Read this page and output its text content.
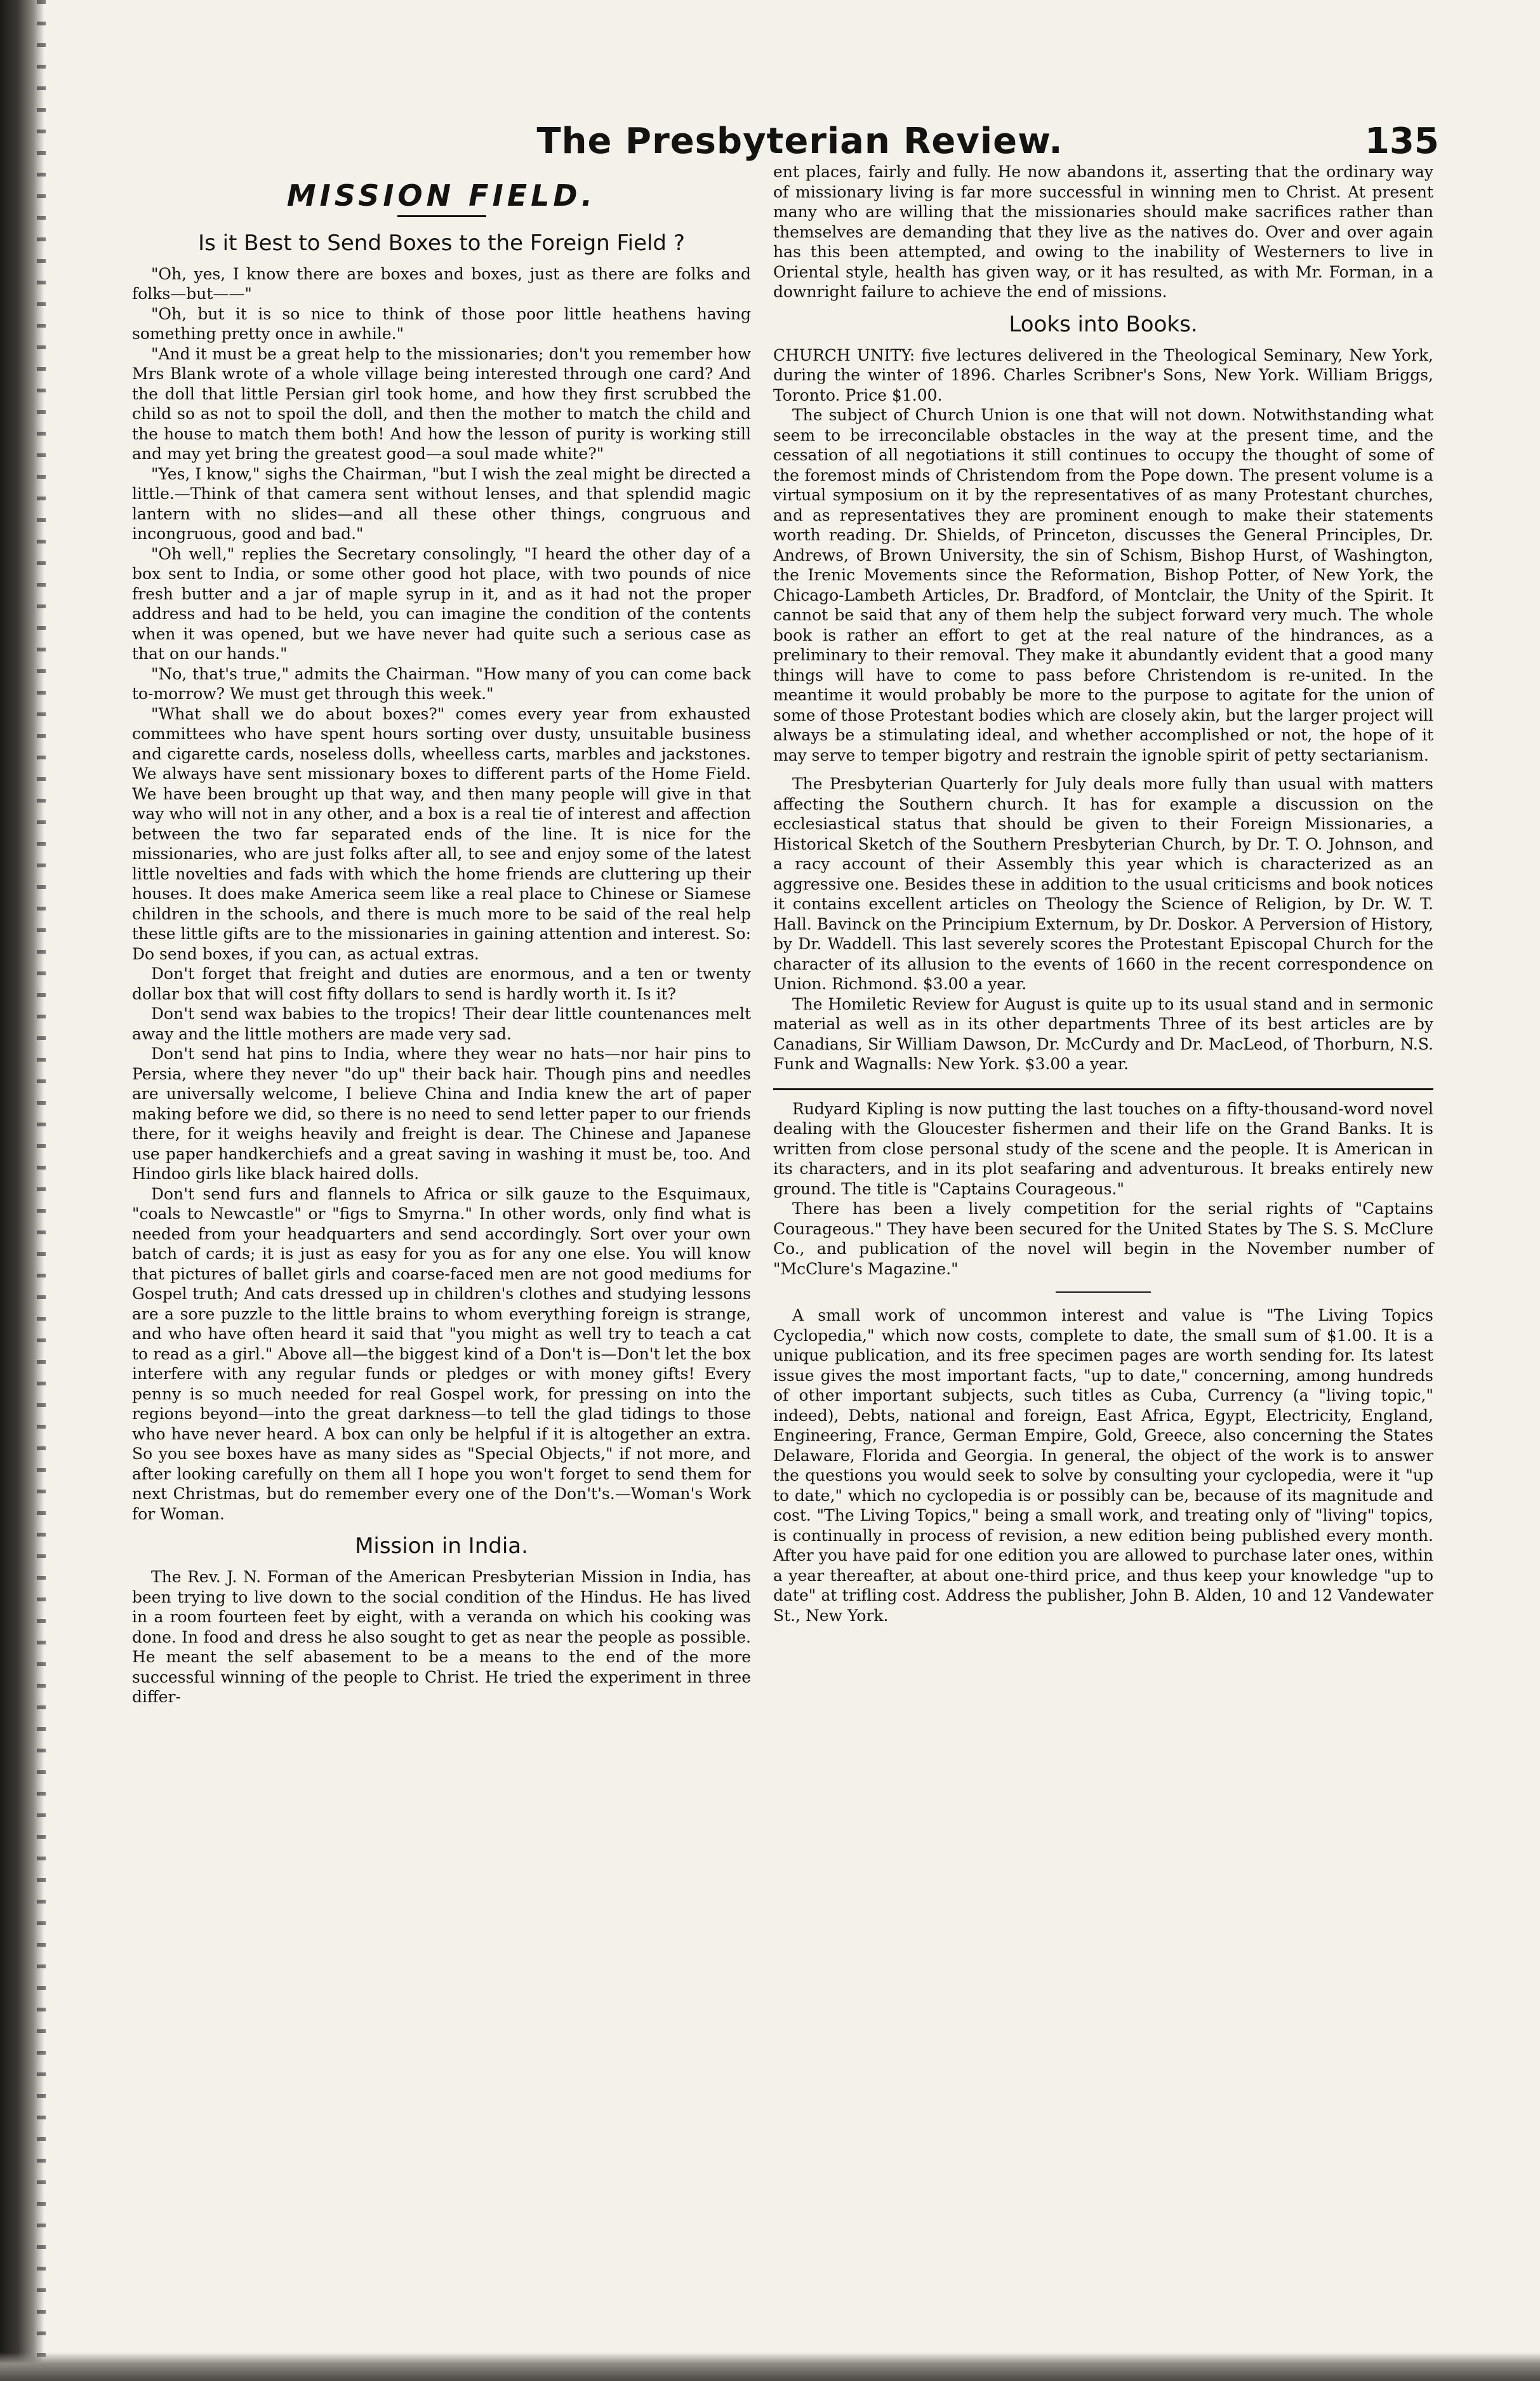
The Presbyterian Review.	135
MISSION FIELD.
Is it Best to Send Boxes to the Foreign Field ?

"Oh, yes, I know there are boxes and boxes, just as there are folks and folks—but——"

"Oh, but it is so nice to think of those poor little heathens having something pretty once in awhile."

"And it must be a great help to the missionaries; don't you remember how Mrs Blank wrote of a whole village being interested through one card? And the doll that little Persian girl took home, and how they first scrubbed the child so as not to spoil the doll, and then the mother to match the child and the house to match them both! And how the lesson of purity is working still and may yet bring the greatest good—a soul made white?"

"Yes, I know," sighs the Chairman, "but I wish the zeal might be directed a little.—Think of that camera sent without lenses, and that splendid magic lantern with no slides—and all these other things, congruous and incongruous, good and bad."

"Oh well," replies the Secretary consolingly, "I heard the other day of a box sent to India, or some other good hot place, with two pounds of nice fresh butter and a jar of maple syrup in it, and as it had not the proper address and had to be held, you can imagine the condition of the contents when it was opened, but we have never had quite such a serious case as that on our hands."

"No, that's true," admits the Chairman. "How many of you can come back to-morrow? We must get through this week."

"What shall we do about boxes?" comes every year from exhausted committees who have spent hours sorting over dusty, unsuitable business and cigarette cards, noseless dolls, wheelless carts, marbles and jackstones. We always have sent missionary boxes to different parts of the Home Field. We have been brought up that way, and then many people will give in that way who will not in any other, and a box is a real tie of interest and affection between the two far separated ends of the line. It is nice for the missionaries, who are just folks after all, to see and enjoy some of the latest little novelties and fads with which the home friends are cluttering up their houses. It does make America seem like a real place to Chinese or Siamese children in the schools, and there is much more to be said of the real help these little gifts are to the missionaries in gaining attention and interest. So: Do send boxes, if you can, as actual extras.

Don't forget that freight and duties are enormous, and a ten or twenty dollar box that will cost fifty dollars to send is hardly worth it. Is it?

Don't send wax babies to the tropics! Their dear little countenances melt away and the little mothers are made very sad.

Don't send hat pins to India, where they wear no hats—nor hair pins to Persia, where they never "do up" their back hair. Though pins and needles are universally welcome, I believe China and India knew the art of paper making before we did, so there is no need to send letter paper to our friends there, for it weighs heavily and freight is dear. The Chinese and Japanese use paper handkerchiefs and a great saving in washing it must be, too. And Hindoo girls like black haired dolls.

Don't send furs and flannels to Africa or silk gauze to the Esquimaux, "coals to Newcastle" or "figs to Smyrna." In other words, only find what is needed from your headquarters and send accordingly. Sort over your own batch of cards; it is just as easy for you as for any one else. You will know that pictures of ballet girls and coarse-faced men are not good mediums for Gospel truth; And cats dressed up in children's clothes and studying lessons are a sore puzzle to the little brains to whom everything foreign is strange, and who have often heard it said that "you might as well try to teach a cat to read as a girl." Above all—the biggest kind of a Don't is—Don't let the box interfere with any regular funds or pledges or with money gifts! Every penny is so much needed for real Gospel work, for pressing on into the regions beyond—into the great darkness—to tell the glad tidings to those who have never heard. A box can only be helpful if it is altogether an extra. So you see boxes have as many sides as "Special Objects," if not more, and after looking carefully on them all I hope you won't forget to send them for next Christmas, but do remember every one of the Don't's.—Woman's Work for Woman.

Mission in India.

The Rev. J. N. Forman of the American Presbyterian Mission in India, has been trying to live down to the social condition of the Hindus. He has lived in a room fourteen feet by eight, with a veranda on which his cooking was done. In food and dress he also sought to get as near the people as possible. He meant the self abasement to be a means to the end of the more successful winning of the people to Christ. He tried the experiment in three differ-

ent places, fairly and fully. He now abandons it, asserting that the ordinary way of missionary living is far more successful in winning men to Christ. At present many who are willing that the missionaries should make sacrifices rather than themselves are demanding that they live as the natives do. Over and over again has this been attempted, and owing to the inability of Westerners to live in Oriental style, health has given way, or it has resulted, as with Mr. Forman, in a downright failure to achieve the end of missions.

Looks into Books.

CHURCH UNITY: five lectures delivered in the Theological Seminary, New York, during the winter of 1896. Charles Scribner's Sons, New York. William Briggs, Toronto. Price $1.00.

The subject of Church Union is one that will not down. Notwithstanding what seem to be irreconcilable obstacles in the way at the present time, and the cessation of all negotiations it still continues to occupy the thought of some of the foremost minds of Christendom from the Pope down. The present volume is a virtual symposium on it by the representatives of as many Protestant churches, and as representatives they are prominent enough to make their statements worth reading. Dr. Shields, of Princeton, discusses the General Principles, Dr. Andrews, of Brown University, the sin of Schism, Bishop Hurst, of Washington, the Irenic Movements since the Reformation, Bishop Potter, of New York, the Chicago-Lambeth Articles, Dr. Bradford, of Montclair, the Unity of the Spirit. It cannot be said that any of them help the subject forward very much. The whole book is rather an effort to get at the real nature of the hindrances, as a preliminary to their removal. They make it abundantly evident that a good many things will have to come to pass before Christendom is re-united. In the meantime it would probably be more to the purpose to agitate for the union of some of those Protestant bodies which are closely akin, but the larger project will always be a stimulating ideal, and whether accomplished or not, the hope of it may serve to temper bigotry and restrain the ignoble spirit of petty sectarianism.

The Presbyterian Quarterly for July deals more fully than usual with matters affecting the Southern church. It has for example a discussion on the ecclesiastical status that should be given to their Foreign Missionaries, a Historical Sketch of the Southern Presbyterian Church, by Dr. T. O. Johnson, and a racy account of their Assembly this year which is characterized as an aggressive one. Besides these in addition to the usual criticisms and book notices it contains excellent articles on Theology the Science of Religion, by Dr. W. T. Hall. Bavinck on the Principium Externum, by Dr. Doskor. A Perversion of History, by Dr. Waddell. This last severely scores the Protestant Episcopal Church for the character of its allusion to the events of 1660 in the recent correspondence on Union. Richmond. $3.00 a year.

The Homiletic Review for August is quite up to its usual stand and in sermonic material as well as in its other departments Three of its best articles are by Canadians, Sir William Dawson, Dr. McCurdy and Dr. MacLeod, of Thorburn, N.S. Funk and Wagnalls: New York. $3.00 a year.

Rudyard Kipling is now putting the last touches on a fifty-thousand-word novel dealing with the Gloucester fishermen and their life on the Grand Banks. It is written from close personal study of the scene and the people. It is American in its characters, and in its plot seafaring and adventurous. It breaks entirely new ground. The title is "Captains Courageous."

There has been a lively competition for the serial rights of "Captains Courageous." They have been secured for the United States by The S. S. McClure Co., and publication of the novel will begin in the November number of "McClure's Magazine."

A small work of uncommon interest and value is "The Living Topics Cyclopedia," which now costs, complete to date, the small sum of $1.00. It is a unique publication, and its free specimen pages are worth sending for. Its latest issue gives the most important facts, "up to date," concerning, among hundreds of other important subjects, such titles as Cuba, Currency (a "living topic," indeed), Debts, national and foreign, East Africa, Egypt, Electricity, England, Engineering, France, German Empire, Gold, Greece, also concerning the States Delaware, Florida and Georgia. In general, the object of the work is to answer the questions you would seek to solve by consulting your cyclopedia, were it "up to date," which no cyclopedia is or possibly can be, because of its magnitude and cost. "The Living Topics," being a small work, and treating only of "living" topics, is continually in process of revision, a new edition being published every month. After you have paid for one edition you are allowed to purchase later ones, within a year thereafter, at about one-third price, and thus keep your knowledge "up to date" at trifling cost. Address the publisher, John B. Alden, 10 and 12 Vandewater St., New York.
